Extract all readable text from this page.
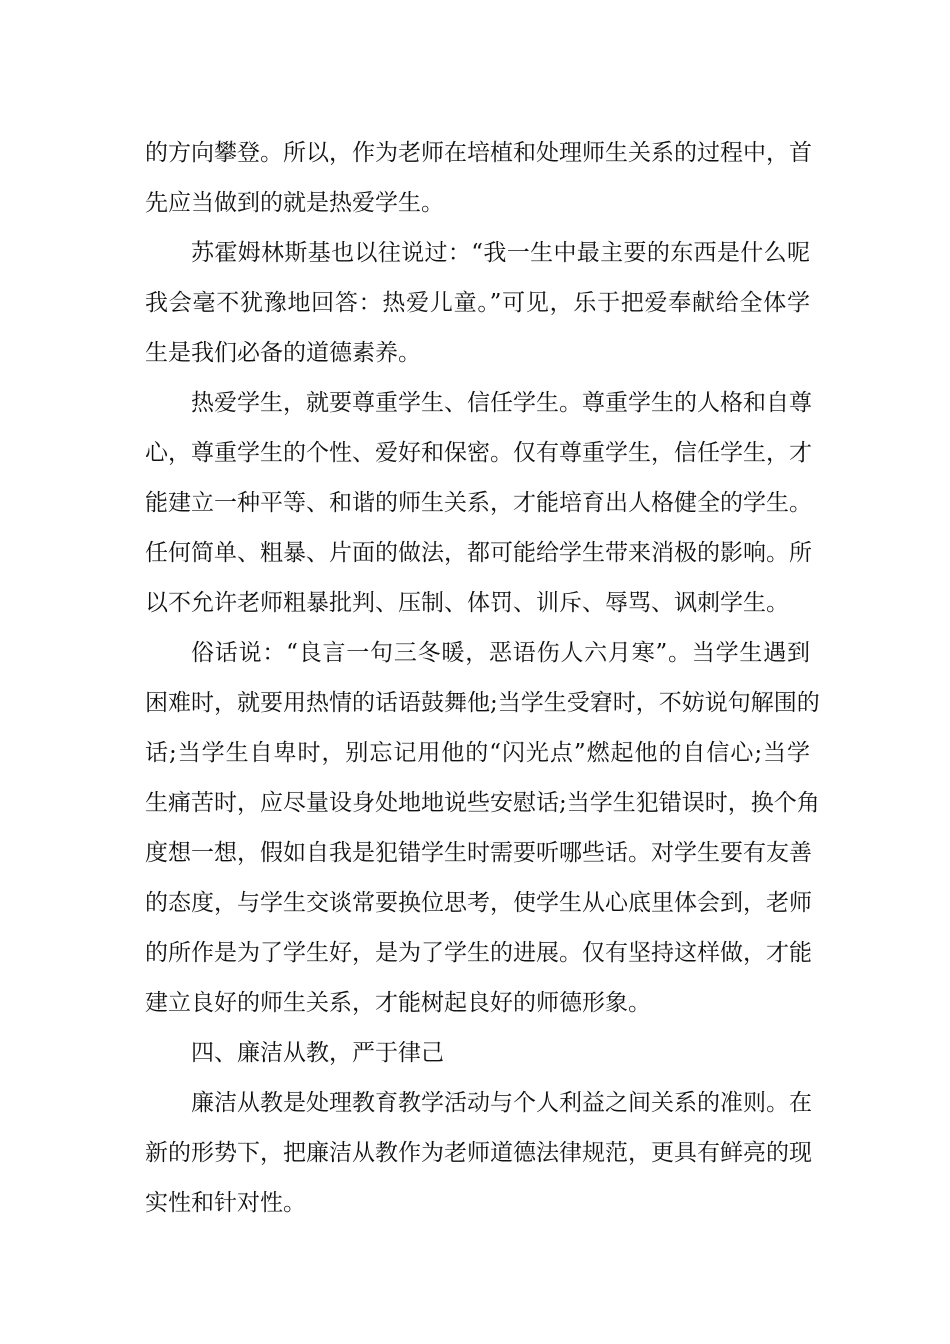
的方向攀登。所以，作为老师在培植和处理师生关系的过程中，首
先应当做到的就是热爱学生。
苏霍姆林斯基也以往说过：“我一生中最主要的东西是什么呢
我会毫不犹豫地回答：热爱儿童。”可见，乐于把爱奉献给全体学
生是我们必备的道德素养。
热爱学生，就要尊重学生、信任学生。尊重学生的人格和自尊
心，尊重学生的个性、爱好和保密。仅有尊重学生，信任学生，才
能建立一种平等、和谐的师生关系，才能培育出人格健全的学生。
任何简单、粗暴、片面的做法，都可能给学生带来消极的影响。所
以不允许老师粗暴批判、压制、体罚、训斥、辱骂、讽刺学生。
俗话说：“良言一句三冬暖，恶语伤人六月寒”。当学生遇到
困难时，就要用热情的话语鼓舞他;当学生受窘时，不妨说句解围的
话;当学生自卑时，别忘记用他的“闪光点”燃起他的自信心;当学
生痛苦时，应尽量设身处地地说些安慰话;当学生犯错误时，换个角
度想一想，假如自我是犯错学生时需要听哪些话。对学生要有友善
的态度，与学生交谈常要换位思考，使学生从心底里体会到，老师
的所作是为了学生好，是为了学生的进展。仅有坚持这样做，才能
建立良好的师生关系，才能树起良好的师德形象。
四、廉洁从教，严于律己
廉洁从教是处理教育教学活动与个人利益之间关系的准则。在
新的形势下，把廉洁从教作为老师道德法律规范，更具有鲜亮的现
实性和针对性。
